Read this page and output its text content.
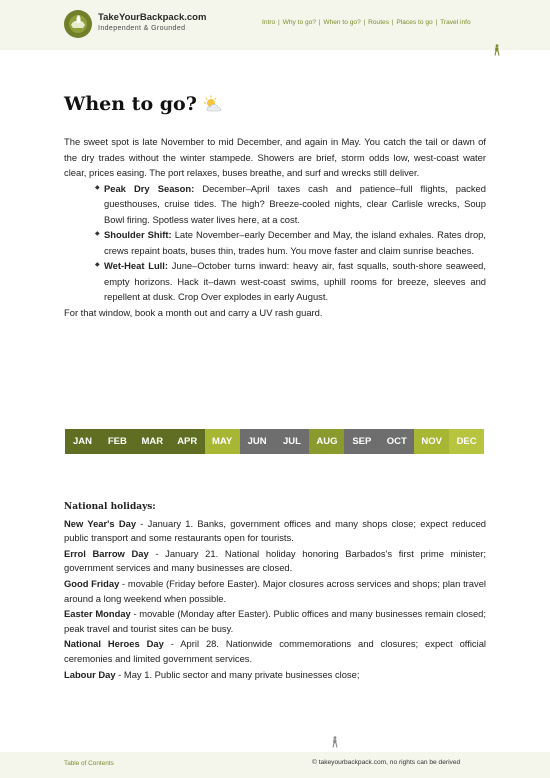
TakeYourBackpack.com
Independent & Grounded
Intro | Why to go? | When to go? | Routes | Places to go | Travel info
When to go?

The sweet spot is late November to mid December, and again in May. You catch the tail or dawn of the dry trades without the winter stampede. Showers are brief, storm odds low, west-coast water clear, prices easing. The port relaxes, buses breathe, and surf and wrecks still deliver.

◆ Peak Dry Season: December–April taxes cash and patience–full flights, packed guesthouses, cruise tides. The high? Breeze-cooled nights, clear Carlisle wrecks, Soup Bowl firing. Spotless water lives here, at a cost.
◆ Shoulder Shift: Late November–early December and May, the island exhales. Rates drop, crews repaint boats, buses thin, trades hum. You move faster and claim sunrise beaches.
◆ Wet-Heat Lull: June–October turns inward: heavy air, fast squalls, south-shore seaweed, empty horizons. Hack it–dawn west-coast swims, uphill rooms for breeze, sleeves and repellent at dusk. Crop Over explodes in early August.

For that window, book a month out and carry a UV rash guard.

JAN	FEB	MAR	APR	MAY	JUN	JUL	AUG	SEP	OCT	NOV	DEC
National holidays:
New Year's Day - January 1. Banks, government offices and many shops close; expect reduced public transport and some restaurants open for tourists.
Errol Barrow Day - January 21. National holiday honoring Barbados's first prime minister; government services and many businesses are closed.
Good Friday - movable (Friday before Easter). Major closures across services and shops; plan travel around a long weekend when possible.
Easter Monday - movable (Monday after Easter). Public offices and many businesses remain closed; peak travel and tourist sites can be busy.
National Heroes Day - April 28. Nationwide commemorations and closures; expect official ceremonies and limited government services.
Labour Day - May 1. Public sector and many private businesses close;
Table of Contents	© takeyourbackpack.com, no rights can be derived
